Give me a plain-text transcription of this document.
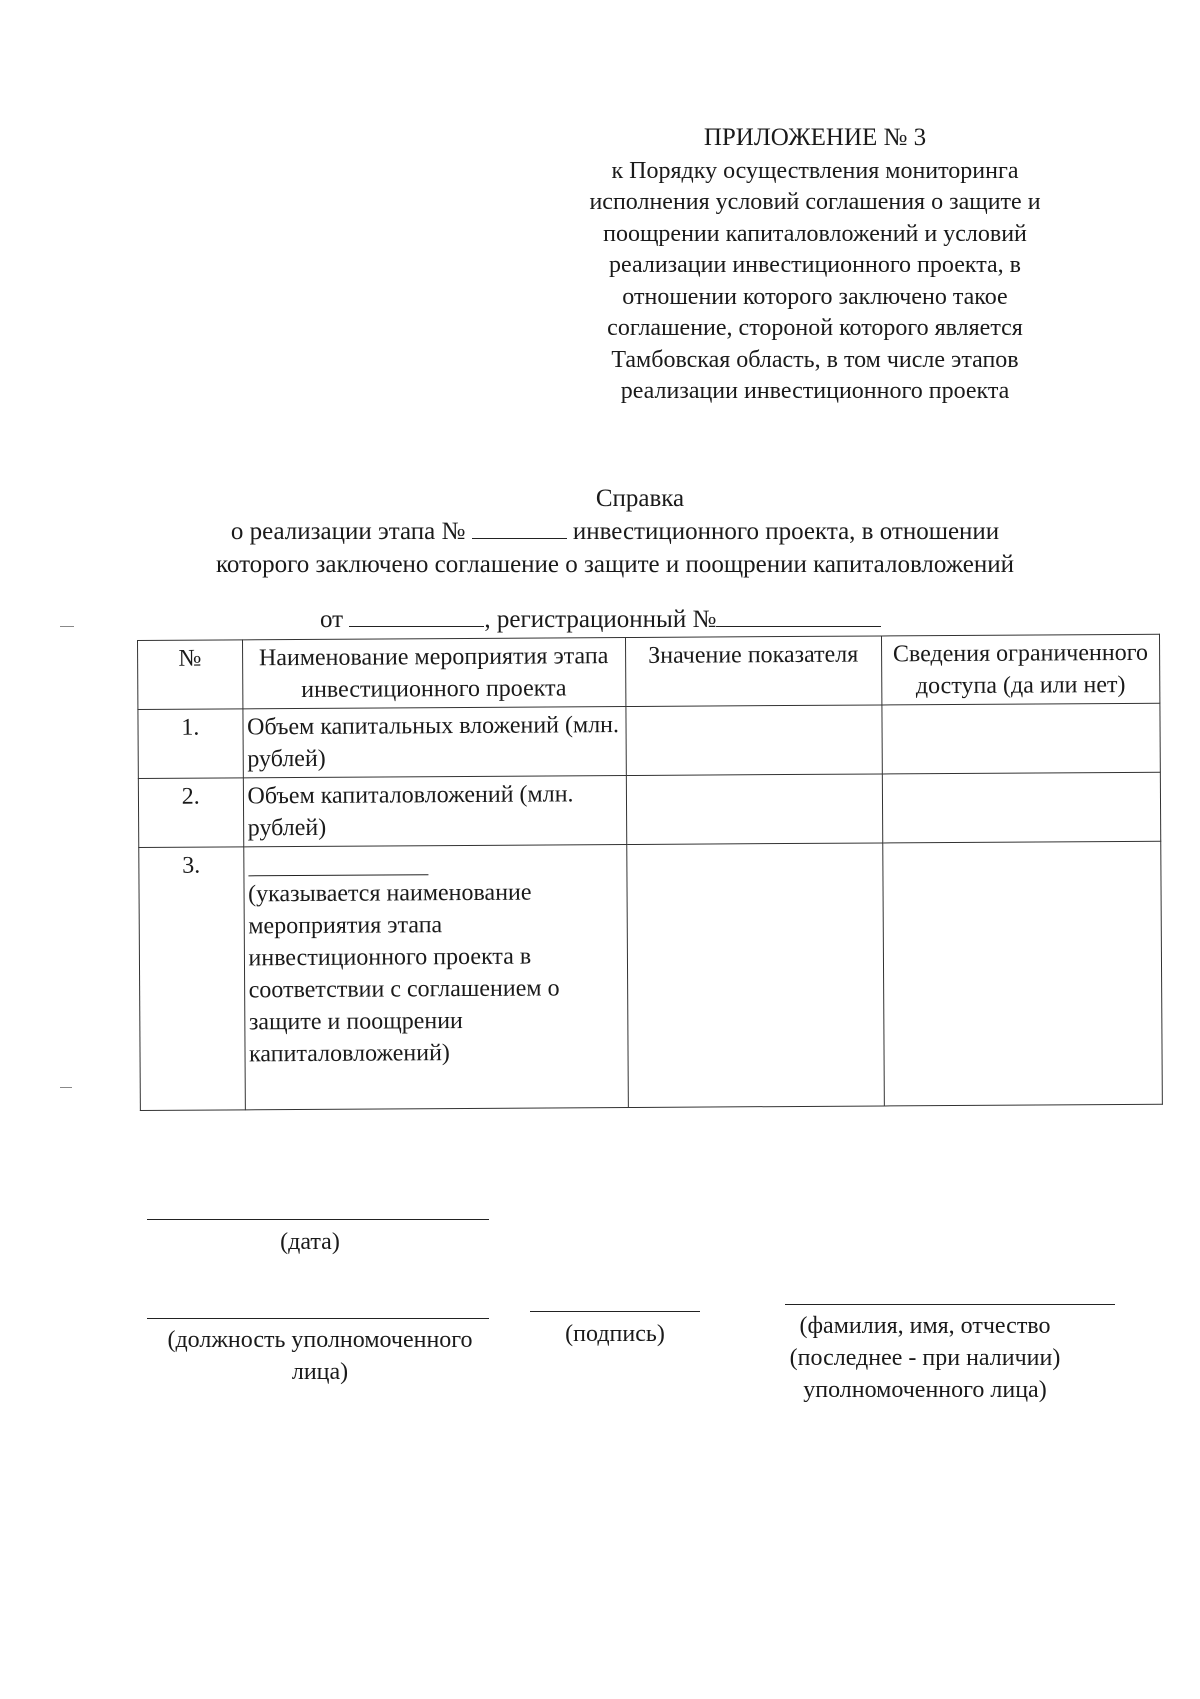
ПРИЛОЖЕНИЕ № 3
к Порядку осуществления мониторинга
исполнения условий соглашения о защите и
поощрении капиталовложений и условий
реализации инвестиционного проекта, в
отношении которого заключено такое
соглашение, стороной которого является
Тамбовская область, в том числе этапов
реализации инвестиционного проекта
Справка
о реализации этапа №	инвестиционного проекта, в отношении
которого заключено соглашение о защите и поощрении капиталовложений
от	, регистрационный №
№	Наименование мероприятия этапа инвестиционного проекта	Значение показателя	Сведения ограниченного доступа (да или нет)
1.	Объем капитальных вложений (млн. рублей)		
2.	Объем капиталовложений (млн. рублей)		
3.	(указывается наименование мероприятия этапа инвестиционного проекта в соответствии с соглашением о защите и поощрении капиталовложений)		
(дата)
(должность уполномоченного лица)
(подпись)	(фамилия, имя, отчество (последнее - при наличии) уполномоченного лица)
